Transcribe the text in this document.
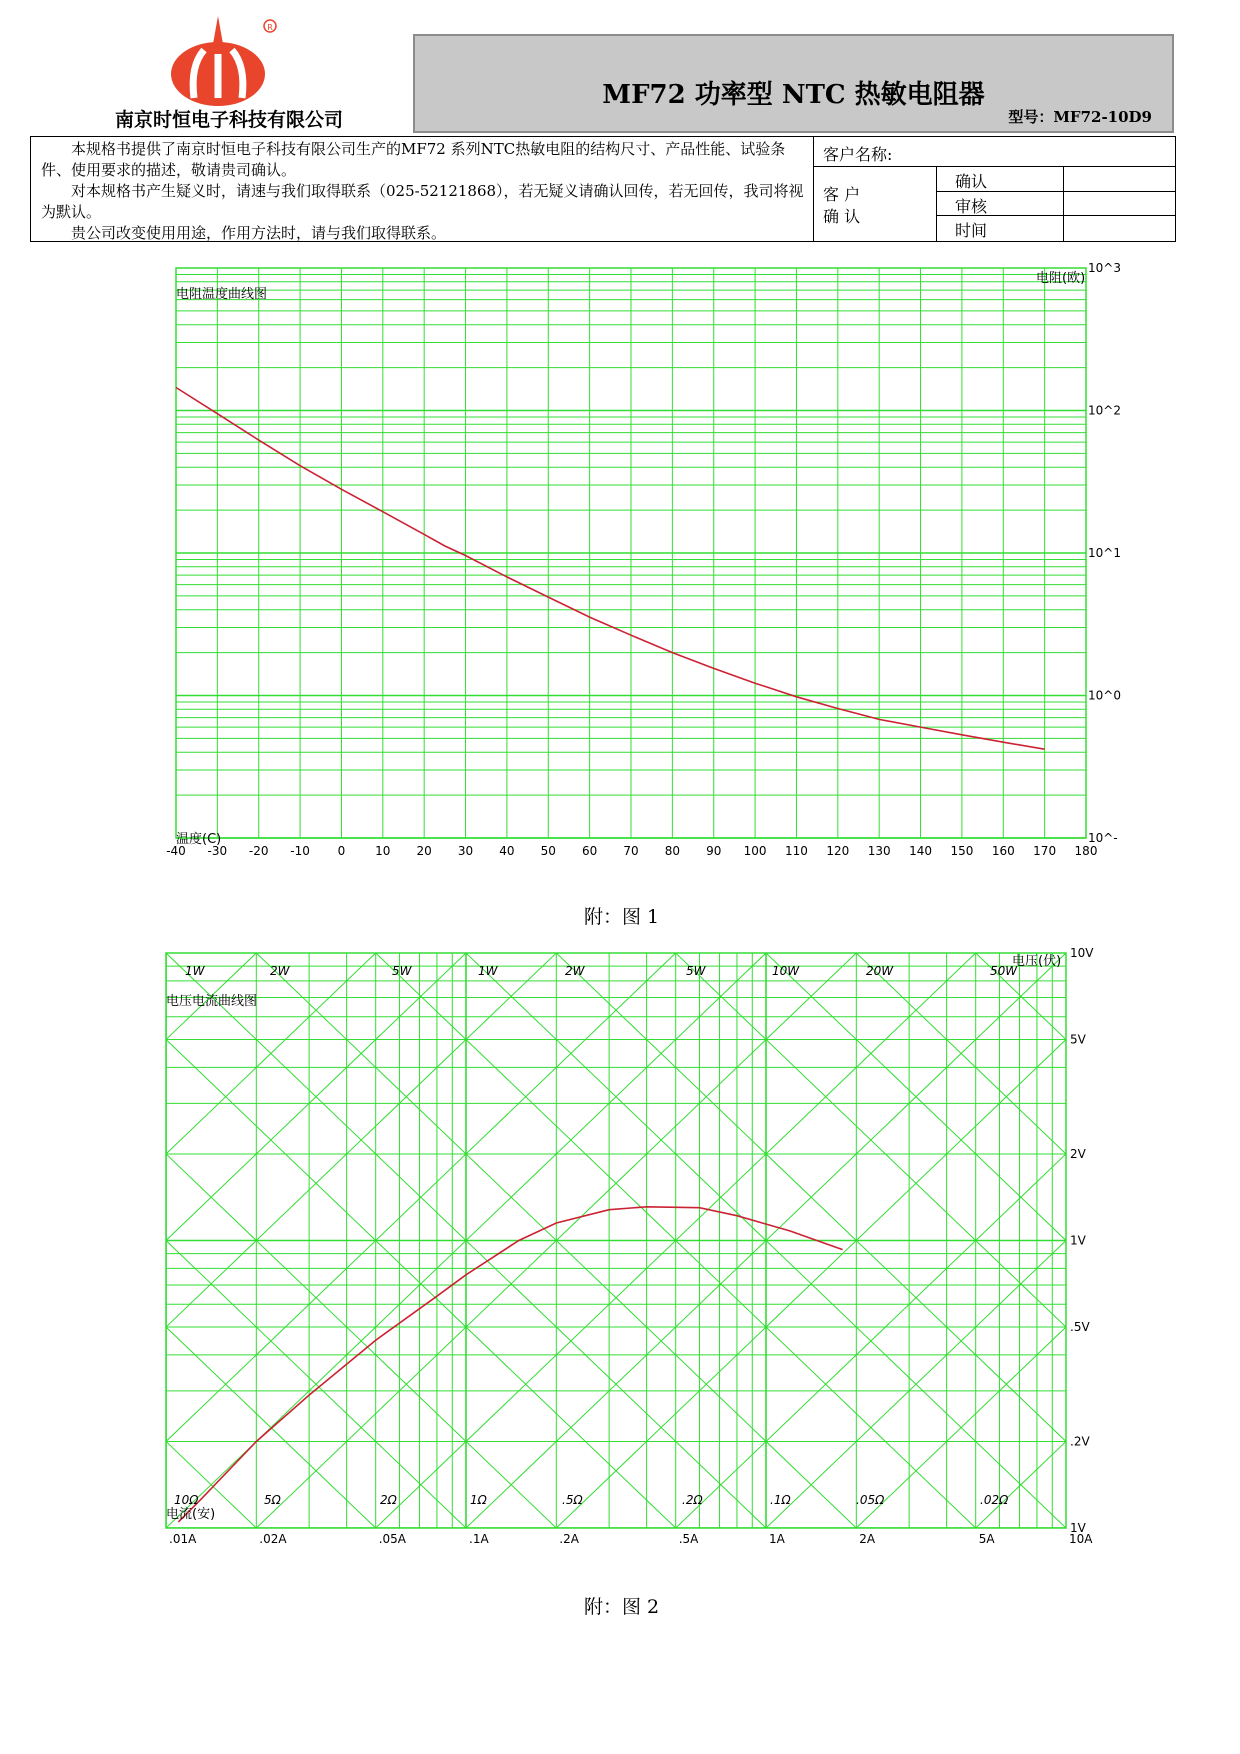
R
南京时恒电子科技有限公司
MF72 功率型 NTC 热敏电阻器
型号：MF72-10D9
本规格书提供了南京时恒电子科技有限公司生产的MF72 系列NTC热敏电阻的结构尺寸、产品性能、试验条件、使用要求的描述，敬请贵司确认。
对本规格书产生疑义时，请速与我们取得联系（025-52121868），若无疑义请确认回传，若无回传，我司将视为默认。
贵公司改变使用用途，作用方法时，请与我们取得联系。
客户名称:
客 户
确 认
确认
审核
时间
-40 -30 -20 -10 0 10 20 30 40 50 60 70 80 90 100 110 120 130 140 150 160 170 180
10^3
10^2
10^1
10^0
10^-
电阻温度曲线图
电阻(欧)
温度(C)
附：图 1
.01A	.02A	.05A	.1A	.2A	.5A	1A	2A	5A	10A
10V
5V
2V
1V
.5V
.2V
1V
1W	2W	5W	1W	2W	5W	10W	20W	50W
10Ω	5Ω	2Ω	1Ω	.5Ω	.2Ω	.1Ω	.05Ω	.02Ω
电压电流曲线图
电压(伏)
电流(安)
附：图 2
